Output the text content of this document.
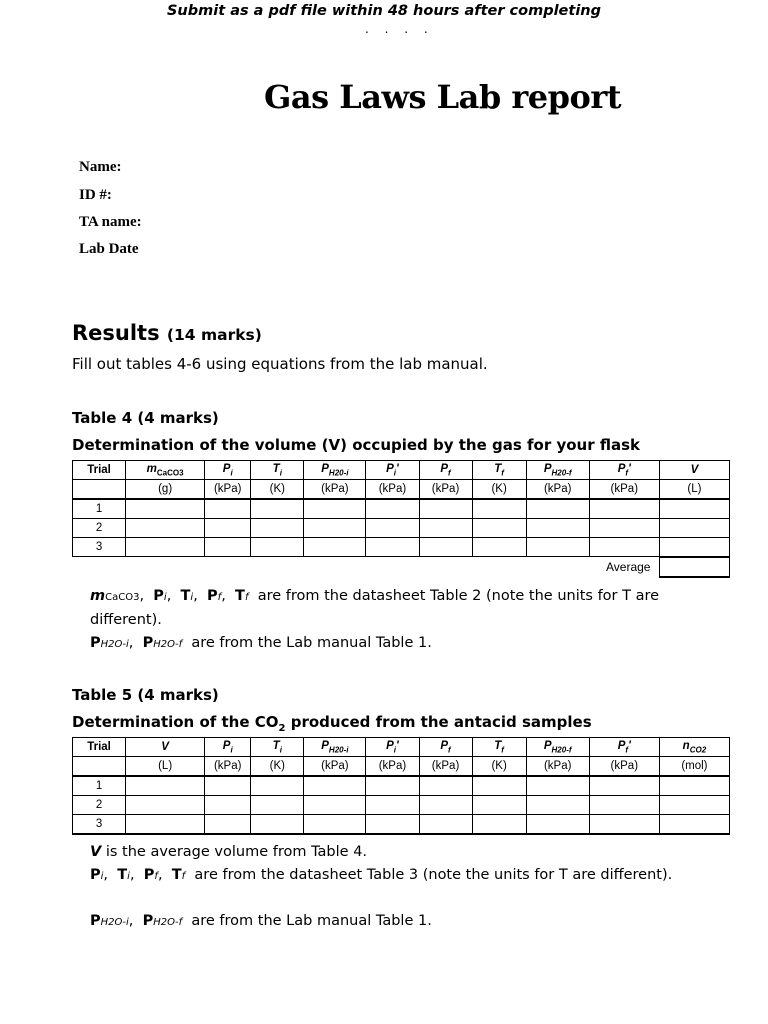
Submit as a pdf file within 48 hours after completing
. . . .
Gas Laws Lab report
Name:
ID #:
TA name:
Lab Date
Results (14 marks)
Fill out tables 4-6 using equations from the lab manual.
Table 4 (4 marks)
Determination of the volume (V) occupied by the gas for your flask
Trial	$m_{CaCO3}$	$P_i$	$T_i$	$P_{H20-i}$	$P_i'$	$P_f$	$T_f$	$P_{H20-f}$	$P_f'$	V
	(g)	(kPa)	(K)	(kPa)	(kPa)	(kPa)	(K)	(kPa)	(kPa)	(L)
1										
2										
3										
Average
mCaCO3,  Pi,  Ti,  Pf,  Tf are from the datasheet Table 2 (note the units for T are different).
PH2O-i,  PH2O-f are from the Lab manual Table 1.
Table 5 (4 marks)
Determination of the $CO_2$ produced from the antacid samples
Trial	V	$P_i$	$T_i$	$P_{H20-i}$	$P_i'$	$P_f$	$T_f$	$P_{H20-f}$	$P_f'$	$n_{CO2}$
	(L)	(kPa)	(K)	(kPa)	(kPa)	(kPa)	(K)	(kPa)	(kPa)	(mol)
1										
2										
3										
V is the average volume from Table 4.
Pi,  Ti,  Pf,  Tf are from the datasheet Table 3 (note the units for T are different).
PH2O-i,  PH2O-f are from the Lab manual Table 1.
